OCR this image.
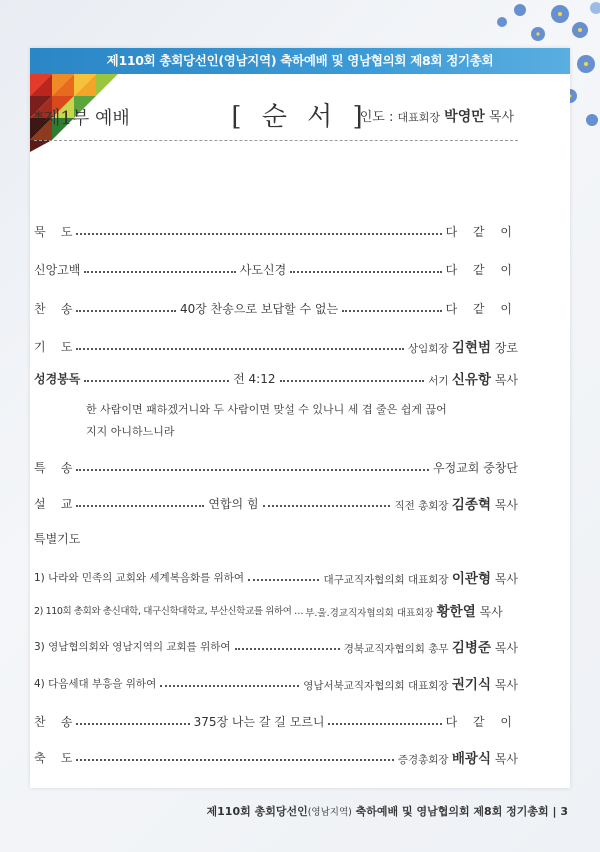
제110회 총회당선인(영남지역) 축하예배 및 영남협의회 제8회 정기총회
[ 순 서 ]
*제1부 예배	인도 : 대표회장 박영만 목사
묵    도	다 같 이
신앙고백	사도신경	다 같 이
찬    송	40장 찬송으로 보답할 수 없는	다 같 이
기    도	상임회장 김현범 장로
성경봉독	전 4:12	서기 신유항 목사
한 사람이면 패하겠거니와 두 사람이면 맞설 수 있나니 세 겹 줄은 쉽게 끊어
지지 아니하느니라
특    송	우정교회 중창단
설    교	연합의 힘	직전 총회장 김종혁 목사
특별기도
1) 나라와 민족의 교회와 세계복음화를 위하여	대구교직자협의회 대표회장 이관형 목사
2) 110회 총회와 총신대학, 대구신학대학교, 부산신학교를 위하여 … 부.울.경교직자협의회 대표회장 황한열 목사
3) 영남협의회와 영남지역의 교회를 위하여	경북교직자협의회 총무 김병준 목사
4) 다음세대 부흥을 위하여	영남서북교직자협의회 대표회장 권기식 목사
찬    송	375장 나는 갈 길 모르니	다 같 이
축    도	증경총회장 배광식 목사
제110회 총회당선인(영남지역) 축하예배 및 영남협의회 제8회 정기총회 | 3
